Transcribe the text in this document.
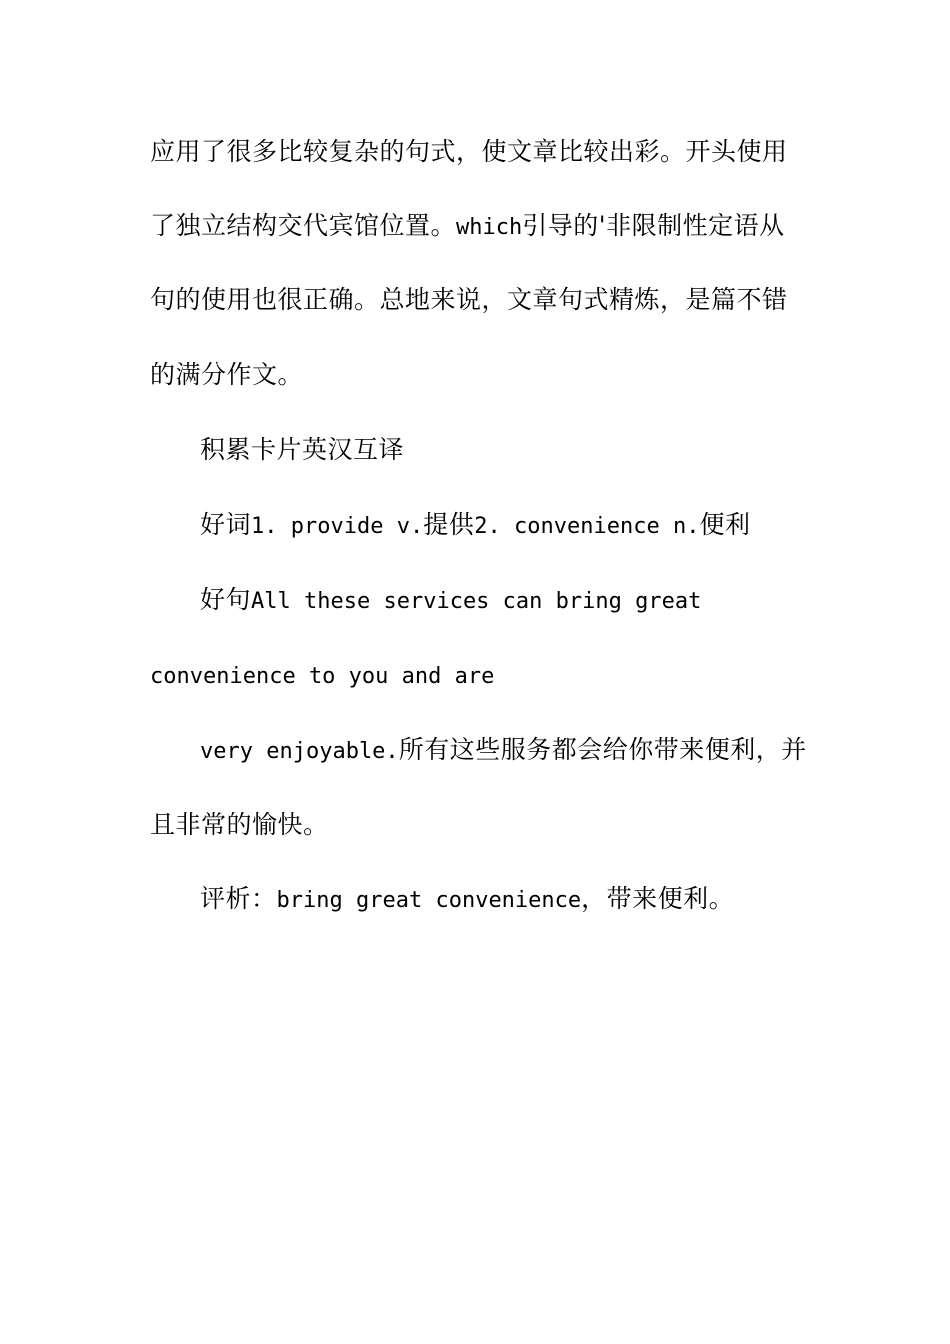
应用了很多比较复杂的句式，使文章比较出彩。开头使用
了独立结构交代宾馆位置。which引导的'非限制性定语从
句的使用也很正确。总地来说，文章句式精炼，是篇不错
的满分作文。
积累卡片英汉互译
好词1. provide v.提供2. convenience n.便利
好句All these services can bring great
convenience to you and are
very enjoyable.所有这些服务都会给你带来便利，并
且非常的愉快。
评析：bring great convenience，带来便利。
